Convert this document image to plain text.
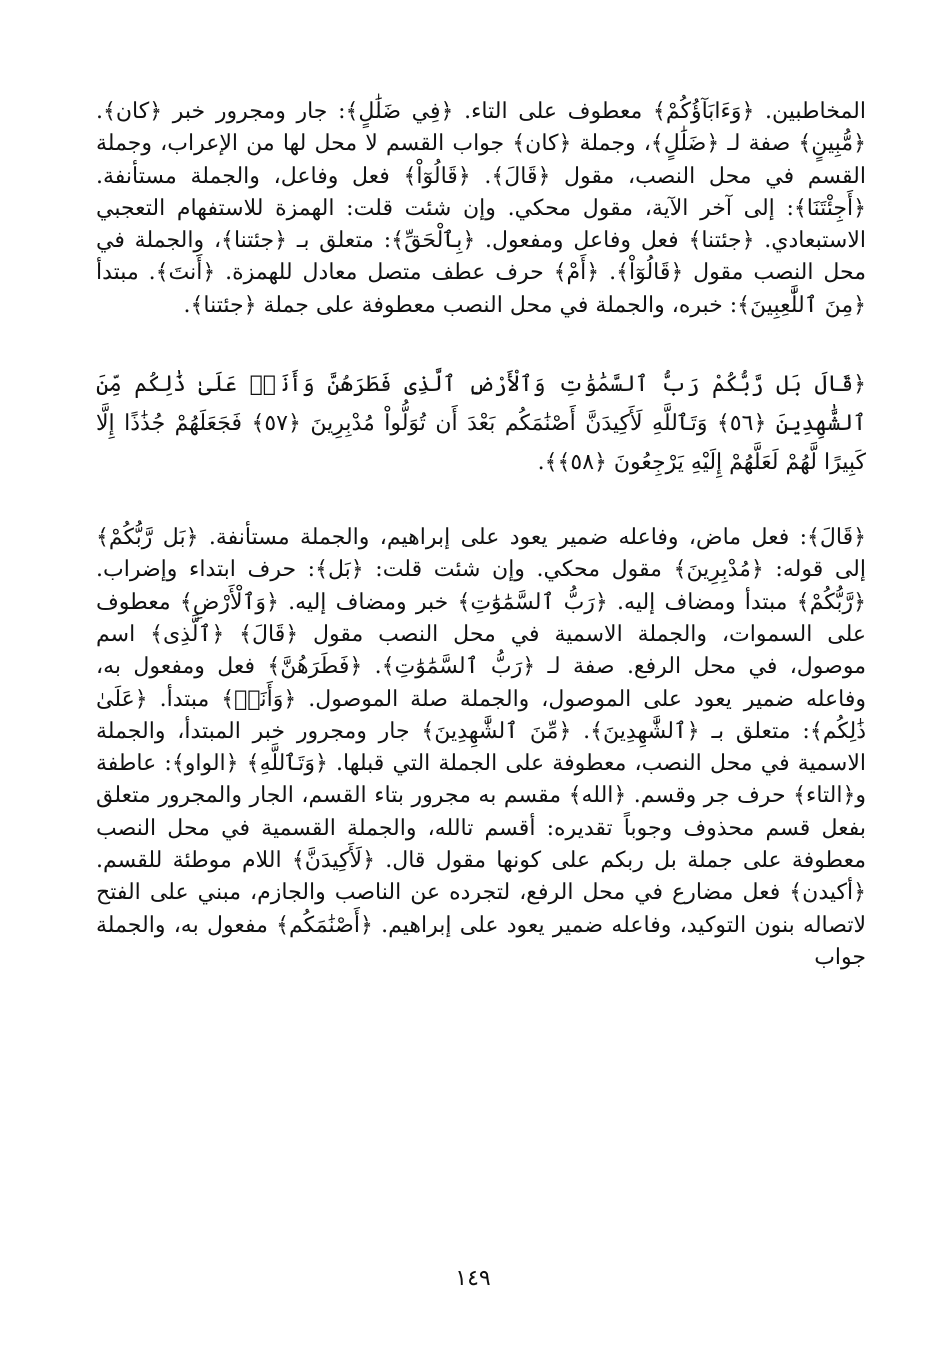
المخاطبين. ﴿وَءَابَآؤُكُمْ﴾ معطوف على التاء. ﴿فِي ضَلَٰلٍ﴾: جار ومجرور خبر ﴿كان﴾. ﴿مُّبِينٍ﴾ صفة لـ ﴿ضَلَٰلٍ﴾، وجملة ﴿كان﴾ جواب القسم لا محل لها من الإعراب، وجملة القسم في محل النصب، مقول ﴿قَالَ﴾. ﴿قَالُوٓاْ﴾ فعل وفاعل، والجملة مستأنفة. ﴿أَجِئْتَنَا﴾: إلى آخر الآية، مقول محكي. وإن شئت قلت: الهمزة للاستفهام التعجبي الاستبعادي. ﴿جئتنا﴾ فعل وفاعل ومفعول. ﴿بِٱلْحَقِّ﴾: متعلق بـ ﴿جئتنا﴾، والجملة في محل النصب مقول ﴿قَالُوٓاْ﴾. ﴿أَمْ﴾ حرف عطف متصل معادل للهمزة. ﴿أَنتَ﴾. مبتدأ ﴿مِنَ ٱللَّٰعِبِينَ﴾: خبره، والجملة في محل النصب معطوفة على جملة ﴿جئتنا﴾.

﴿قَالَ بَل رَّبُّكُمْ رَبُّ ٱلسَّمَٰوَٰتِ وَٱلْأَرْضِ ٱلَّذِى فَطَرَهُنَّ وَأَنَا۠ عَلَىٰ ذَٰلِكُم مِّنَ ٱلشَّٰهِدِينَ ﴿٥٦﴾ وَتَٱللَّهِ لَأَكِيدَنَّ أَصْنَٰمَكُم بَعْدَ أَن تُوَلُّواْ مُدْبِرِينَ ﴿٥٧﴾ فَجَعَلَهُمْ جُذَٰذًا إِلَّا كَبِيرًا لَّهُمْ لَعَلَّهُمْ إِلَيْهِ يَرْجِعُونَ ﴿٥٨﴾﴾.

﴿قَالَ﴾: فعل ماض، وفاعله ضمير يعود على إبراهيم، والجملة مستأنفة. ﴿بَل رَّبُّكُمْ﴾ إلى قوله: ﴿مُدْبِرِينَ﴾ مقول محكي. وإن شئت قلت: ﴿بَل﴾: حرف ابتداء وإضراب. ﴿رَّبُّكُمْ﴾ مبتدأ ومضاف إليه. ﴿رَبُّ ٱلسَّمَٰوَٰتِ﴾ خبر ومضاف إليه. ﴿وَٱلْأَرْضِ﴾ معطوف على السموات، والجملة الاسمية في محل النصب مقول ﴿قَالَ﴾ ﴿ٱلَّذِى﴾ اسم موصول، في محل الرفع. صفة لـ ﴿رَبُّ ٱلسَّمَٰوَٰتِ﴾. ﴿فَطَرَهُنَّ﴾ فعل ومفعول به، وفاعله ضمير يعود على الموصول، والجملة صلة الموصول. ﴿وَأَنَا۠﴾ مبتدأ. ﴿عَلَىٰ ذَٰلِكُم﴾: متعلق بـ ﴿ٱلشَّٰهِدِينَ﴾. ﴿مِّنَ ٱلشَّٰهِدِينَ﴾ جار ومجرور خبر المبتدأ، والجملة الاسمية في محل النصب، معطوفة على الجملة التي قبلها. ﴿وَتَٱللَّهِ﴾ ﴿الواو﴾: عاطفة و﴿التاء﴾ حرف جر وقسم. ﴿الله﴾ مقسم به مجرور بتاء القسم، الجار والمجرور متعلق بفعل قسم محذوف وجوباً تقديره: أقسم تالله، والجملة القسمية في محل النصب معطوفة على جملة بل ربكم على كونها مقول قال. ﴿لَأَكِيدَنَّ﴾ اللام موطئة للقسم. ﴿أكيدن﴾ فعل مضارع في محل الرفع، لتجرده عن الناصب والجازم، مبني على الفتح لاتصاله بنون التوكيد، وفاعله ضمير يعود على إبراهيم. ﴿أَصْنَٰمَكُم﴾ مفعول به، والجملة جواب

١٤٩
